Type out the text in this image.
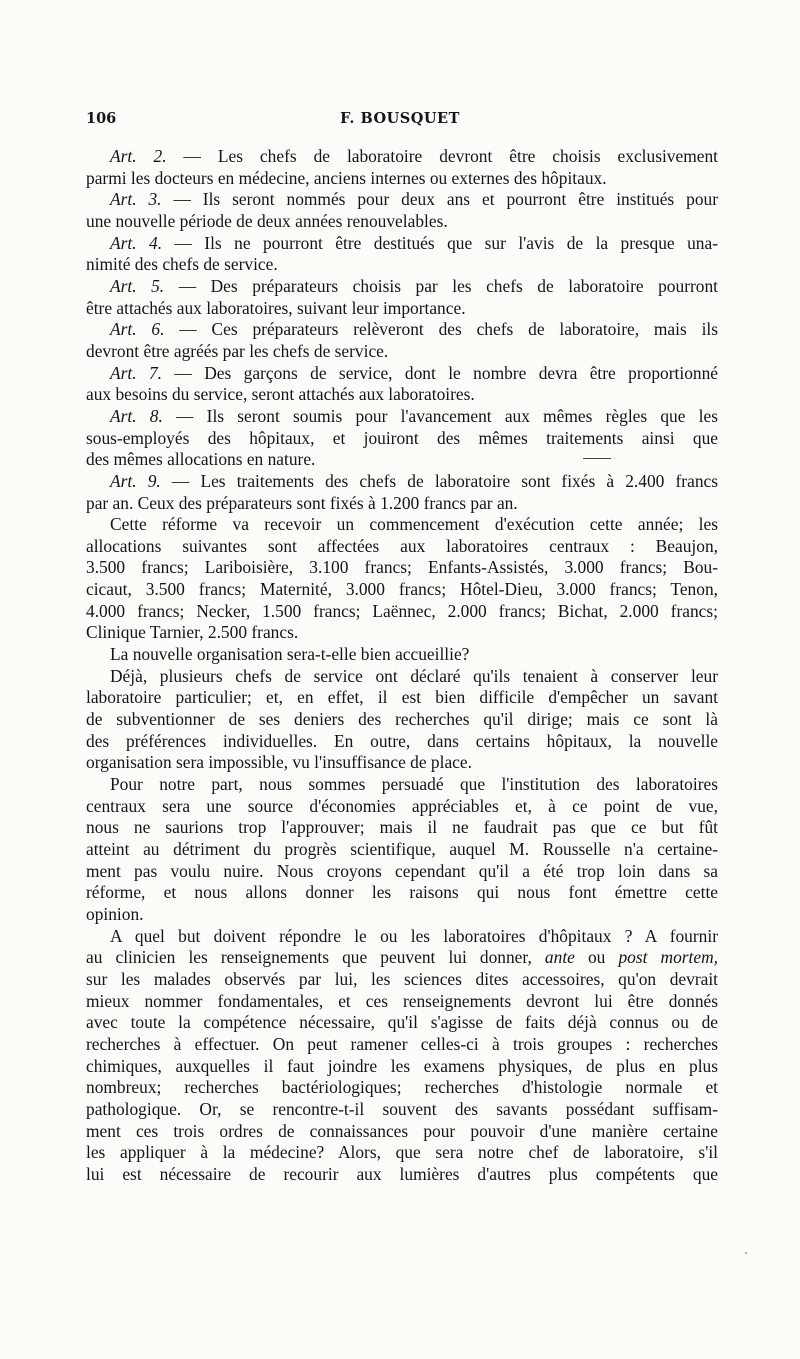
106	F. BOUSQUET
Art. 2. — Les chefs de laboratoire devront être choisis exclusivement
parmi les docteurs en médecine, anciens internes ou externes des hôpitaux.
Art. 3. — Ils seront nommés pour deux ans et pourront être institués pour
une nouvelle période de deux années renouvelables.
Art. 4. — Ils ne pourront être destitués que sur l'avis de la presque una-
nimité des chefs de service.
Art. 5. — Des préparateurs choisis par les chefs de laboratoire pourront
être attachés aux laboratoires, suivant leur importance.
Art. 6. — Ces préparateurs relèveront des chefs de laboratoire, mais ils
devront être agréés par les chefs de service.
Art. 7. — Des garçons de service, dont le nombre devra être proportionné
aux besoins du service, seront attachés aux laboratoires.
Art. 8. — Ils seront soumis pour l'avancement aux mêmes règles que les
sous-employés des hôpitaux, et jouiront des mêmes traitements ainsi que
des mêmes allocations en nature.
Art. 9. — Les traitements des chefs de laboratoire sont fixés à 2.400 francs
par an. Ceux des préparateurs sont fixés à 1.200 francs par an.
Cette réforme va recevoir un commencement d'exécution cette année; les
allocations suivantes sont affectées aux laboratoires centraux : Beaujon,
3.500 francs; Lariboisière, 3.100 francs; Enfants-Assistés, 3.000 francs; Bou-
cicaut, 3.500 francs; Maternité, 3.000 francs; Hôtel-Dieu, 3.000 francs; Tenon,
4.000 francs; Necker, 1.500 francs; Laënnec, 2.000 francs; Bichat, 2.000 francs;
Clinique Tarnier, 2.500 francs.
La nouvelle organisation sera-t-elle bien accueillie?
Déjà, plusieurs chefs de service ont déclaré qu'ils tenaient à conserver leur
laboratoire particulier; et, en effet, il est bien difficile d'empêcher un savant
de subventionner de ses deniers des recherches qu'il dirige; mais ce sont là
des préférences individuelles. En outre, dans certains hôpitaux, la nouvelle
organisation sera impossible, vu l'insuffisance de place.
Pour notre part, nous sommes persuadé que l'institution des laboratoires
centraux sera une source d'économies appréciables et, à ce point de vue,
nous ne saurions trop l'approuver; mais il ne faudrait pas que ce but fût
atteint au détriment du progrès scientifique, auquel M. Rousselle n'a certaine-
ment pas voulu nuire. Nous croyons cependant qu'il a été trop loin dans sa
réforme, et nous allons donner les raisons qui nous font émettre cette
opinion.
A quel but doivent répondre le ou les laboratoires d'hôpitaux ? A fournir
au clinicien les renseignements que peuvent lui donner, ante ou post mortem,
sur les malades observés par lui, les sciences dites accessoires, qu'on devrait
mieux nommer fondamentales, et ces renseignements devront lui être donnés
avec toute la compétence nécessaire, qu'il s'agisse de faits déjà connus ou de
recherches à effectuer. On peut ramener celles-ci à trois groupes : recherches
chimiques, auxquelles il faut joindre les examens physiques, de plus en plus
nombreux; recherches bactériologiques; recherches d'histologie normale et
pathologique. Or, se rencontre-t-il souvent des savants possédant suffisam-
ment ces trois ordres de connaissances pour pouvoir d'une manière certaine
les appliquer à la médecine? Alors, que sera notre chef de laboratoire, s'il
lui est nécessaire de recourir aux lumières d'autres plus compétents que
